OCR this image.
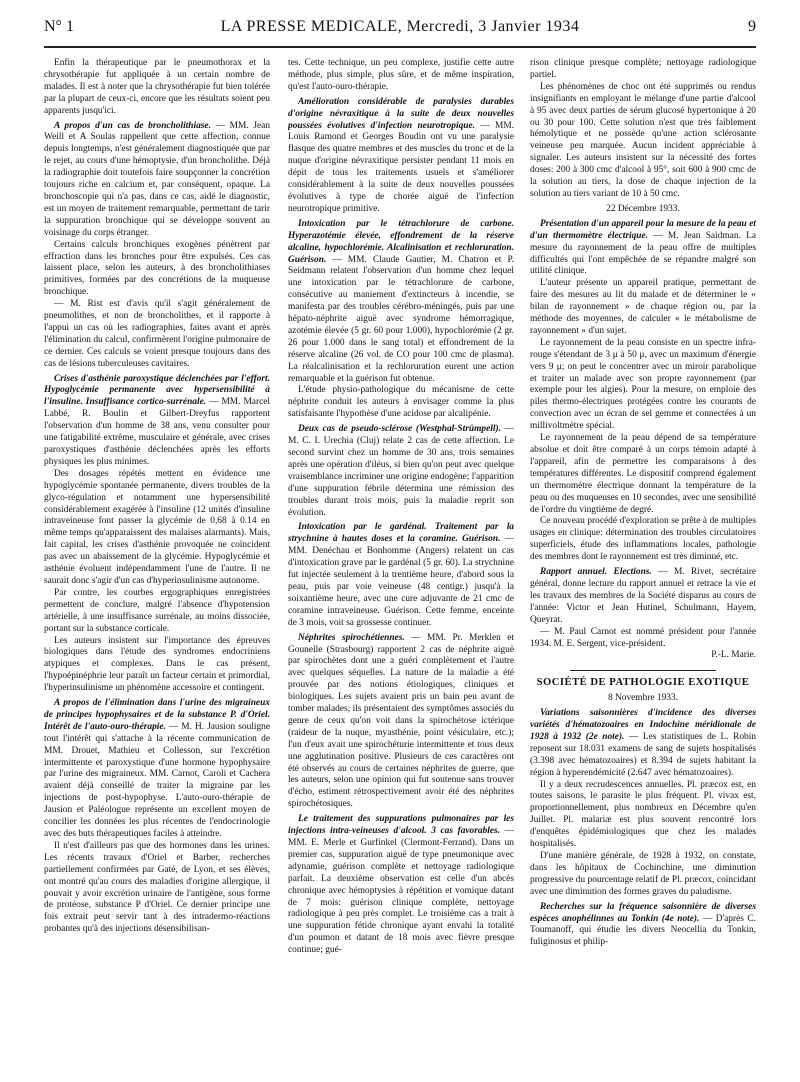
N° 1	LA PRESSE MEDICALE, Mercredi, 3 Janvier 1934	9

Enfin la thérapeutique par le pneumothorax et la chrysothérapie fut appliquée à un certain nombre de malades. Il est à noter que la chrysothérapie fut bien tolérée par la plupart de ceux-ci, encore que les résultats soient peu apparents jusqu'ici.

A propos d'un cas de broncholithiase. — MM. Jean Weill et A Soulas rappellent que cette affection, connue depuis longtemps, n'est généralement diagnostiquée que par le rejet, au cours d'une hémoptysie, d'un broncholithe. Déjà la radiographie doit toutefois faire soupçonner la concrétion toujours riche en calcium et, par conséquent, opaque. La bronchoscopie qui n'a pas, dans ce cas, aidé le diagnostic, est un moyen de traitement remarquable, permettant de tarir la suppuration bronchique qui se développe souvent au voisinage du corps étranger.

Certains calculs bronchiques exogènes pénètrent par effraction dans les bronches pour être expulsés. Ces cas laissent place, selon les auteurs, à des broncholithiases primitives, formées par des concrétions de la muqueuse bronchique.

— M. Rist est d'avis qu'il s'agit généralement de pneumolithes, et non de broncholithes, et il rapporte à l'appui un cas où les radiographies, faites avant et après l'élimination du calcul, confirmèrent l'origine pulmonaire de ce dernier. Ces calculs se voient presque toujours dans des cas de lésions tuberculeuses cavitaires.

Crises d'asthénie paroxystique déclenchées par l'effort. Hypoglycémie permanente avec hypersensibilité à l'insuline. Insuffisance cortico-surrénale. — MM. Marcel Labbé, R. Boulin et Gilbert-Dreyfus rapportent l'observation d'un homme de 38 ans, venu consulter pour une fatigabilité extrême, musculaire et générale, avec crises paroxystiques d'asthénie déclenchées après les efforts physiques les plus minimes.

Des dosages répétés mettent en évidence une hypoglycémie spontanée permanente, divers troubles de la glyco-régulation et notamment une hypersensibilité considérablement exagérée à l'insuline (12 unités d'insuline intraveineuse font passer la glycémie de 0,68 à 0.14 en même temps qu'apparaissent des malaises alarmants). Mais, fait capital, les crises d'asthénie provoquée ne coïncident pas avec un abaissement de la glycémie. Hypoglycémie et asthénie évoluent indépendamment l'une de l'autre. Il ne saurait donc s'agir d'un cas d'hyperinsulinisme autonome.

Par contre, les courbes ergographiques enregistrées permettent de conclure, malgré l'absence d'hypotension artérielle, à une insuffisance surrénale, au moins dissociée, portant sur la substance corticale.

Les auteurs insistent sur l'importance des épreuves biologiques dans l'étude des syndromes endocriniens atypiques et complexes. Dans le cas présent, l'hypoépinéphrie leur paraît un facteur certain et primordial, l'hyperinsulinisme un phénomène accessoire et contingent.

A propos de l'élimination dans l'urine des migraineux de principes hypophysaires et de la substance P. d'Oriel. Intérêt de l'auto-ouro-thérapie. — M. H. Jausion souligne tout l'intérêt qui s'attache à la récente communication de MM. Drouet, Mathieu et Collesson, sur l'excrétion intermittente et paroxystique d'une hormone hypophysaire par l'urine des migraineux. MM. Carnot, Caroli et Cachera avaient déjà conseillé de traiter la migraine par les injections de post-hypophyse. L'auto-ouro-thérapie de Jausion et Paléologue représente un excellent moyen de concilier les données les plus récentes de l'endocrinologie avec des buts thérapeutiques faciles à atteindre.

Il n'est d'ailleurs pas que des hormones dans les urines. Les récents travaux d'Oriel et Barber, recherches partiellement confirmées par Gaté, de Lyon, et ses élèves, ont montré qu'au cours des maladies d'origine allergique, il pouvait y avoir excrétion urinaire de l'antigène, sous forme de protéose, substance P d'Oriel. Ce dernier principe une fois extrait peut servir tant à des intradermo-réactions probantes qu'à des injections désensibilisan-

tes. Cette technique, un peu complexe, justifie cette autre méthode, plus simple, plus sûre, et de même inspiration, qu'est l'auto-ouro-thérapie.

Amélioration considérable de paralysies durables d'origine névraxitique à la suite de deux nouvelles poussées évolutives d'infection neurotropique. — MM. Louis Ramond et Georges Boudin ont vu une paralysie flasque des quatre membres et des muscles du tronc et de la nuque d'origine névraxitique persister pendant 11 mois en dépit de tous les traitements usuels et s'améliorer considérablement à la suite de deux nouvelles poussées évolutives à type de chorée aiguë de l'infection neurotropique primitive.

Intoxication par le tétrachlorure de carbone. Hyperazotémie élevée, effondrement de la réserve alcaline, hypochlorémie. Alcalinisation et rechloruration. Guérison. — MM. Claude Gautier, M. Chatron et P. Seidmann relatent l'observation d'un homme chez lequel une intoxication par le tétrachlorure de carbone, consécutive au maniement d'extincteurs à incendie, se manifesta par des troubles cérébro-méningés, puis par une hépato-néphrite aiguë avec syndrome hémorragique, azotémie élevée (5 gr. 60 pour 1.000), hypochlorémie (2 gr. 26 pour 1.000 dans le sang total) et effondrement de la réserve alcaline (26 vol. de CO pour 100 cmc de plasma). La réalcalinisation et la rechloruration eurent une action remarquable et la guérison fut obtenue.

L'étude physio-pathologique du mécanisme de cette néphrite conduit les auteurs à envisager comme la plus satisfaisante l'hypothèse d'une acidose par alcalipénie.

Deux cas de pseudo-sclérose (Westphal-Strümpell). — M. C. I. Urechia (Cluj) relate 2 cas de cette affection. Le second survint chez un homme de 30 ans, trois semaines après une opération d'iléus, si bien qu'on peut avec quelque vraisemblance incriminer une origine endogène; l'apparition d'une suppuration fébrile détermina une rémission des troubles durant trois mois, puis la maladie reprit son évolution.

Intoxication par le gardénal. Traitement par la strychnine à hautes doses et la coramine. Guérison. — MM. Denéchau et Bonhomme (Angers) relatent un cas d'intoxication grave par le gardénal (5 gr. 60). La strychnine fut injectée seulement à la trentième heure, d'abord sous la peau, puis par voie veineuse (48 centigr.) jusqu'à la soixantième heure, avec une cure adjuvante de 21 cmc de coramine intraveineuse. Guérison. Cette femme, enceinte de 3 mois, voit sa grossesse continuer.

Néphrites spirochétiennes. — MM. Pr. Merklen et Gounelle (Strasbourg) rapportent 2 cas de néphrite aiguë par spirochètes dont une a guéri complètement et l'autre avec quelques séquelles. La nature de la maladie a été prouvée par des notions étiologiques, cliniques et biologiques. Les sujets avaient pris un bain peu avant de tomber malades; ils présentaient des symptômes associés du genre de ceux qu'on voit dans la spirochétose ictérique (raideur de la nuque, myasthénie, point vésiculaire, etc.); l'un d'eux avait une spirochéturie intermittente et tous deux une agglutination positive. Plusieurs de ces caractères ont été observés au cours de certaines néphrites de guerre, que les auteurs, selon une opinion qui fut soutenue sans trouver d'écho, estiment rétrospectivement avoir été des néphrites spirochétosiques.

Le traitement des suppurations pulmonaires par les injections intra-veineuses d'alcool. 3 cas favorables. — MM. E. Merle et Gurfinkel (Clermont-Ferrand). Dans un premier cas, suppuration aiguë de type pneumonique avec adynamie, guérison complète et nettoyage radiologique parfait. La deuxième observation est celle d'un abcès chronique avec hémoptysies à répétition et vomique datant de 7 mois: guérison clinique complète, nettoyage radiologique à peu près complet. Le troisième cas a trait à une suppuration fétide chronique ayant envahi la totalité d'un poumon et datant de 18 mois avec fièvre presque continue; gué-

rison clinique presque complète; nettoyage radiologique partiel.

Les phénomènes de choc ont été supprimés ou rendus insignifiants en employant le mélange d'une partie d'alcool à 95 avec deux parties de sérum glucosé hypertonique à 20 ou 30 pour 100. Cette solution n'est que très faiblement hémolytique et ne possède qu'une action sclérosante veineuse peu marquée. Aucun incident appréciable à signaler. Les auteurs insistent sur la nécessité des fortes doses: 200 à 300 cmc d'alcool à 95°, soit 600 à 900 cmc de la solution au tiers, la dose de chaque injection de la solution au tiers variant de 10 à 50 cmc.

22 Décembre 1933.

Présentation d'un appareil pour la mesure de la peau et d'un thermomètre électrique. — M. Jean Saidman. La mesure du rayonnement de la peau offre de multiples difficultés qui l'ont empêchée de se répandre malgré son utilité clinique.

L'auteur présente un appareil pratique, permettant de faire des mesures au lit du malade et de déterminer le « bilan de rayonnement » de chaque région ou, par la méthode des moyennes, de calculer « le métabolisme de rayonnement » d'un sujet.

Le rayonnement de la peau consiste en un spectre infra-rouge s'étendant de 3 μ à 50 μ, avec un maximum d'énergie vers 9 μ; on peut le concentrer avec un miroir parabolique et traiter un malade avec son propre rayonnement (par exemple pour les algies). Pour la mesure, on emploie des piles thermo-électriques protégées contre les courants de convection avec un écran de sel gemme et connectées à un millivoltmètre spécial.

Le rayonnement de la peau dépend de sa température absolue et doit être comparé à un corps témoin adapté à l'appareil, afin de permettre les comparaisons à des températures différentes. Le dispositif comprend également un thermomètre électrique donnant la température de la peau ou des muqueuses en 10 secondes, avec une sensibilité de l'ordre du vingtième de degré.

Ce nouveau procédé d'exploration se prête à de multiples usages en clinique: détermination des troubles circulatoires superficiels, étude des inflammations locales, pathologie des membres dont le rayonnement est très diminué, etc.

Rapport annuel. Elections. — M. Rivet, secrétaire général, donne lecture du rapport annuel et retrace la vie et les travaux des membres de la Société disparus au cours de l'année: Victor et Jean Hutinel, Schulmann, Hayem, Queyrat.

— M. Paul Carnot est nommé président pour l'année 1934. M. E. Sergent, vice-président.

P.-L. Marie.

SOCIÉTÉ DE PATHOLOGIE EXOTIQUE

8 Novembre 1933.

Variations saisonnières d'incidence des diverses variétés d'hématozoaires en Indochine méridionale de 1928 à 1932 (2e note). — Les statistiques de L. Robin reposent sur 18.031 examens de sang de sujets hospitalisés (3.398 avec hématozoaires) et 8.394 de sujets habitant la région à hyperendémicité (2.647 avec hématozoaires).

Il y a deux recrudescences annuelles. Pl. præcox est, en toutes saisons, le parasite le plus fréquent. Pl. vivax est, proportionnellement, plus nombreux en Décembre qu'en Juillet. Pl. malariæ est plus souvent rencontré lors d'enquêtes épidémiologiques que chez les malades hospitalisés.

D'une manière générale, de 1928 à 1932, on constate, dans les hôpitaux de Cochinchine, une diminution progressive du pourcentage relatif de Pl. præcox, coïncidant avec une diminution des formes graves du paludisme.

Recherches sur la fréquence saisonnière de diverses espèces anophélinnes au Tonkin (4e note). — D'après C. Toumanoff, qui étudie les divers Neocellia du Tonkin, fuliginosus et philip-
